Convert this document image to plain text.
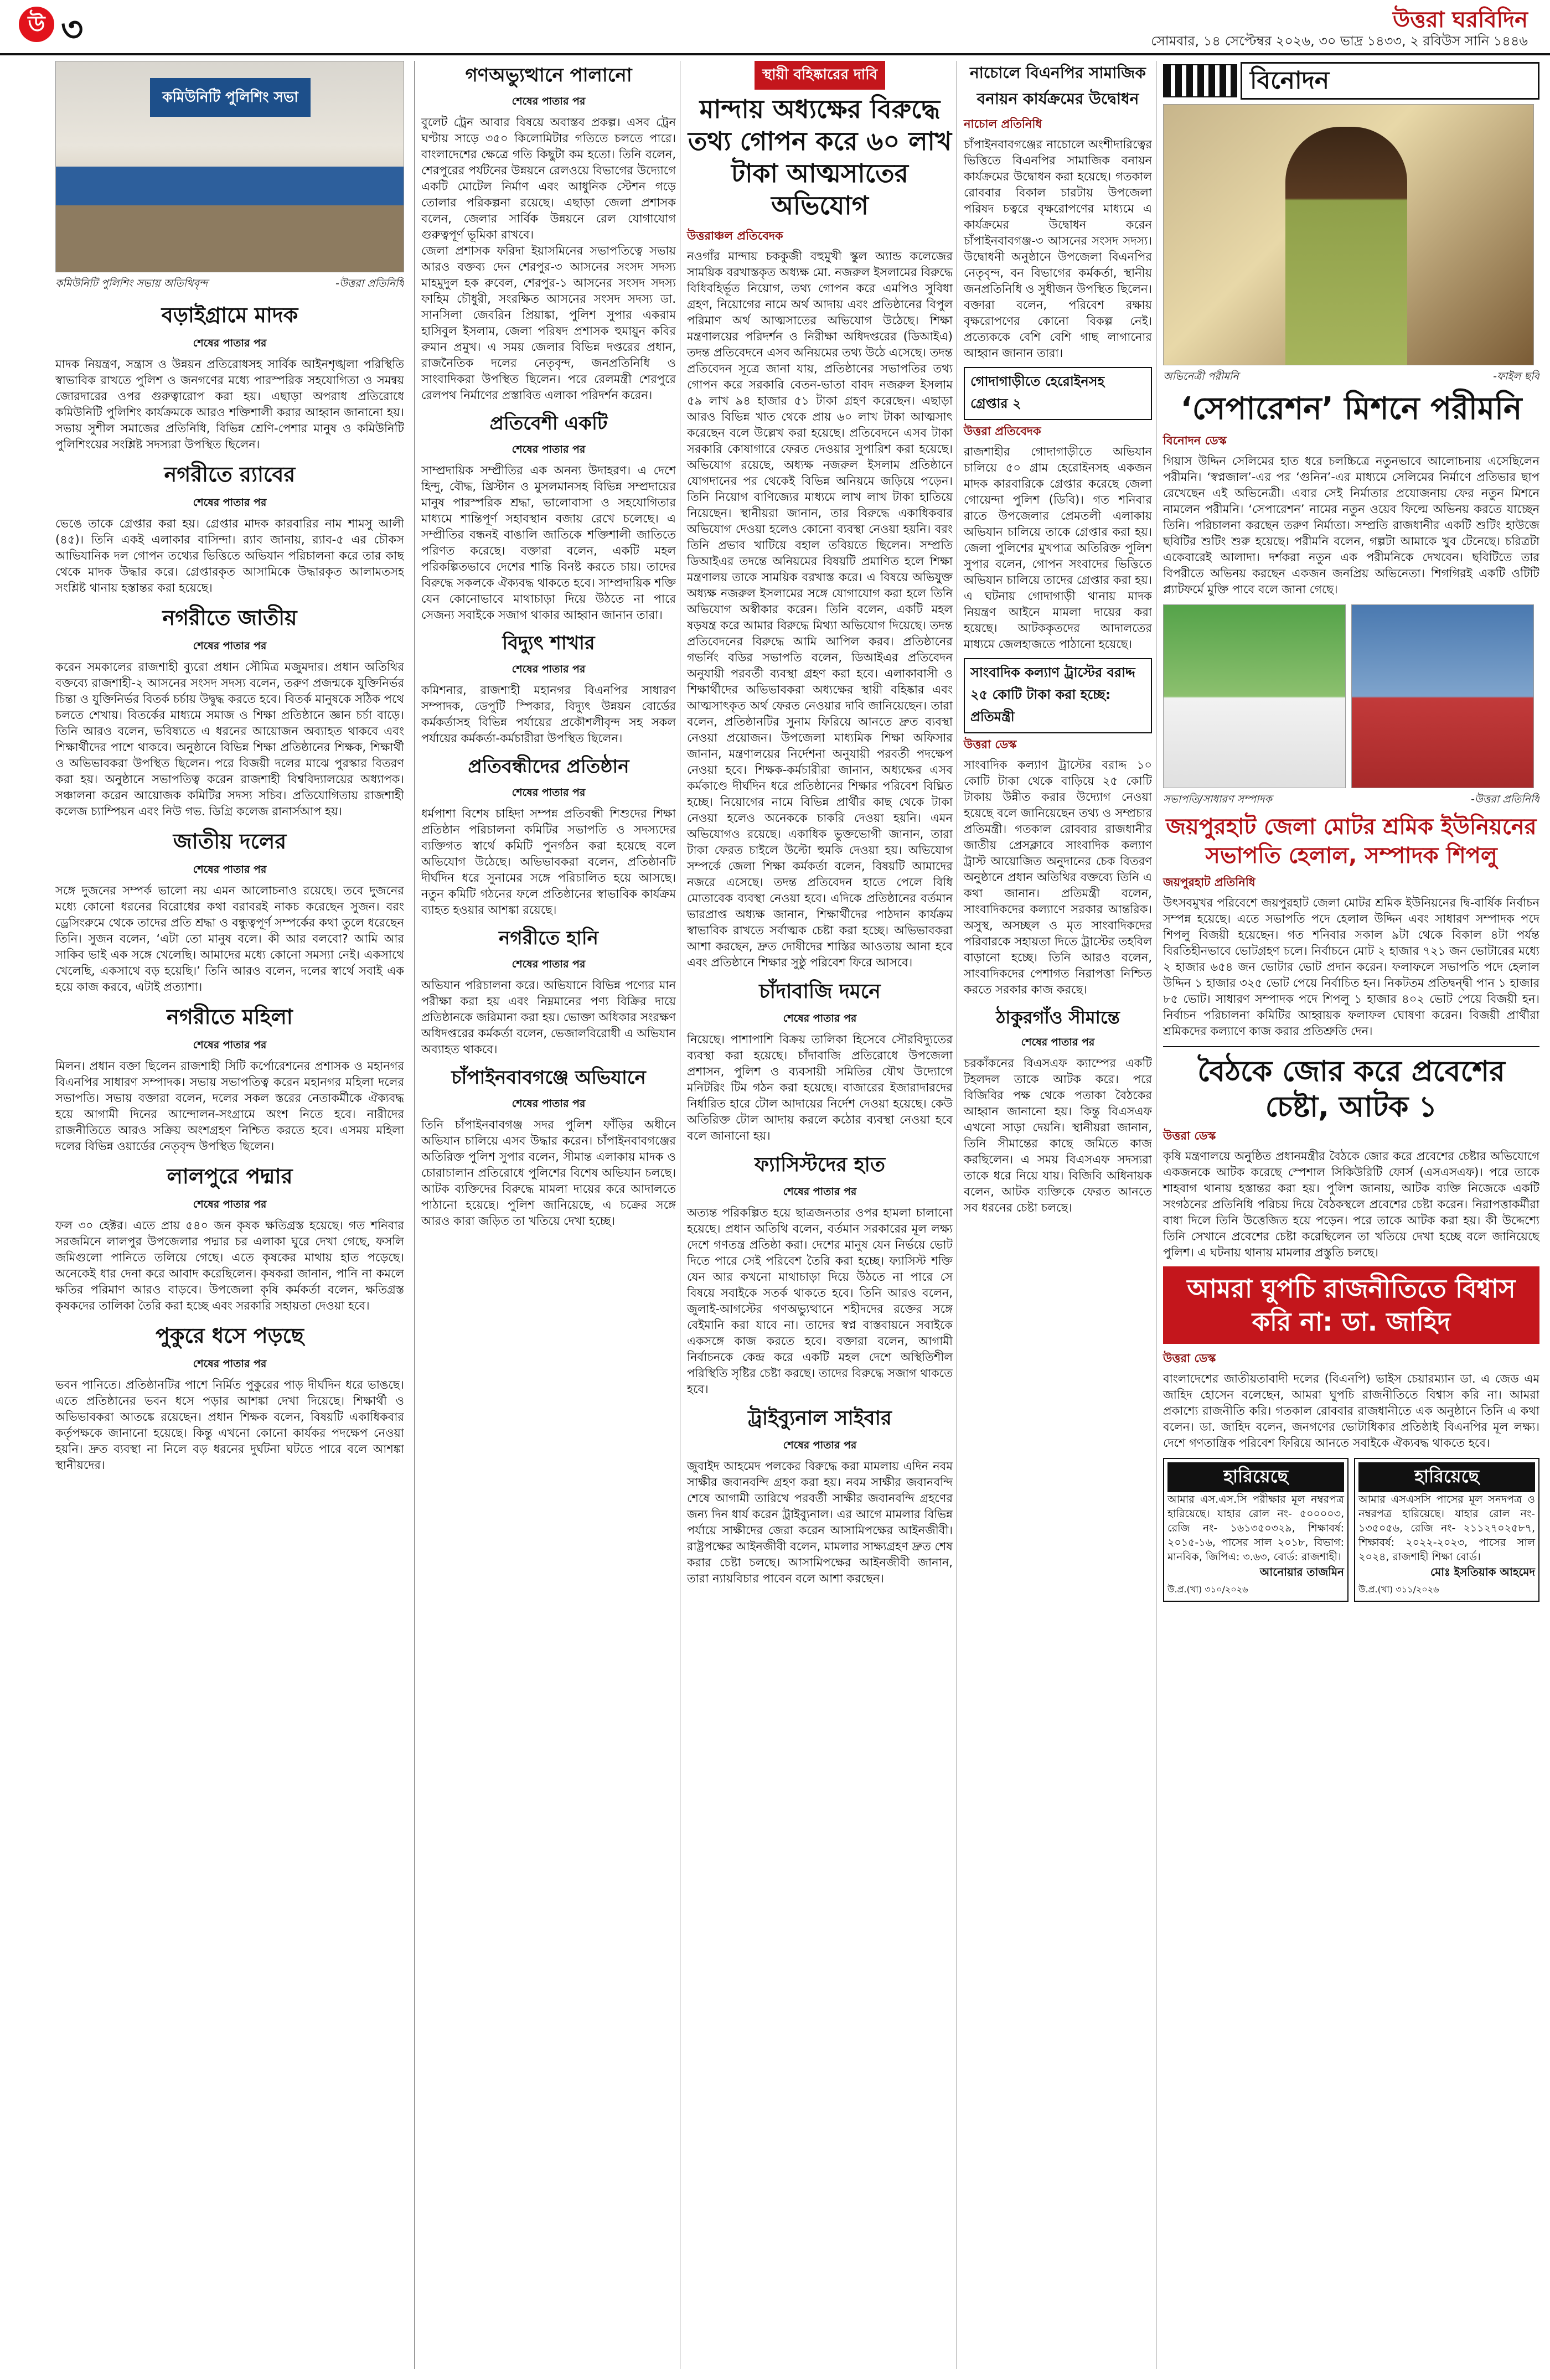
উ ৩	উত্তরা ঘরবিদিন
সোমবার, ১৪ সেপ্টেম্বর ২০২৬, ৩০ ভাদ্র ১৪৩৩, ২ রবিউস সানি ১৪৪৬
কমিউনিটি পুলিশিং সভা
কমিউনিটি পুলিশিং সভায় অতিথিবৃন্দ	-উত্তরা প্রতিনিধি
বড়াইগ্রামে মাদক
শেষের পাতার পর

মাদক নিয়ন্ত্রণ, সন্ত্রাস ও উন্নয়ন প্রতিরোধসহ সার্বিক আইনশৃঙ্খলা পরিস্থিতি স্বাভাবিক রাখতে পুলিশ ও জনগণের মধ্যে পারস্পরিক সহযোগিতা ও সমন্বয় জোরদারের ওপর গুরুত্বারোপ করা হয়। এছাড়া অপরাধ প্রতিরোধে কমিউনিটি পুলিশিং কার্যক্রমকে আরও শক্তিশালী করার আহ্বান জানানো হয়। সভায় সুশীল সমাজের প্রতিনিধি, বিভিন্ন শ্রেণি-পেশার মানুষ ও কমিউনিটি পুলিশিংয়ের সংশ্লিষ্ট সদস্যরা উপস্থিত ছিলেন।

নগরীতে র‍্যাবের
শেষের পাতার পর

ভেঙে তাকে গ্রেপ্তার করা হয়। গ্রেপ্তার মাদক কারবারির নাম শামসু আলী (৪৫)। তিনি একই এলাকার বাসিন্দা। র‍্যাব জানায়, র‍্যাব-৫ এর চৌকস আভিযানিক দল গোপন তথ্যের ভিত্তিতে অভিযান পরিচালনা করে তার কাছ থেকে মাদক উদ্ধার করে। গ্রেপ্তারকৃত আসামিকে উদ্ধারকৃত আলামতসহ সংশ্লিষ্ট থানায় হস্তান্তর করা হয়েছে।

নগরীতে জাতীয়
শেষের পাতার পর

করেন সমকালের রাজশাহী ব্যুরো প্রধান সৌমিত্র মজুমদার। প্রধান অতিথির বক্তব্যে রাজশাহী-২ আসনের সংসদ সদস্য বলেন, তরুণ প্রজন্মকে যুক্তিনির্ভর চিন্তা ও যুক্তিনির্ভর বিতর্ক চর্চায় উদ্বুদ্ধ করতে হবে। বিতর্ক মানুষকে সঠিক পথে চলতে শেখায়। বিতর্কের মাধ্যমে সমাজ ও শিক্ষা প্রতিষ্ঠানে জ্ঞান চর্চা বাড়ে। তিনি আরও বলেন, ভবিষ্যতে এ ধরনের আয়োজন অব্যাহত থাকবে এবং শিক্ষার্থীদের পাশে থাকবে। অনুষ্ঠানে বিভিন্ন শিক্ষা প্রতিষ্ঠানের শিক্ষক, শিক্ষার্থী ও অভিভাবকরা উপস্থিত ছিলেন। পরে বিজয়ী দলের মাঝে পুরস্কার বিতরণ করা হয়। অনুষ্ঠানে সভাপতিত্ব করেন রাজশাহী বিশ্ববিদ্যালয়ের অধ্যাপক। সঞ্চালনা করেন আয়োজক কমিটির সদস্য সচিব। প্রতিযোগিতায় রাজশাহী কলেজ চ্যাম্পিয়ন এবং নিউ গভ. ডিগ্রি কলেজ রানার্সআপ হয়।

জাতীয় দলের
শেষের পাতার পর

সঙ্গে দুজনের সম্পর্ক ভালো নয় এমন আলোচনাও রয়েছে। তবে দুজনের মধ্যে কোনো ধরনের বিরোধের কথা বরাবরই নাকচ করেছেন সুজন। বরং ড্রেসিংরুমে থেকে তাদের প্রতি শ্রদ্ধা ও বন্ধুত্বপূর্ণ সম্পর্কের কথা তুলে ধরেছেন তিনি। সুজন বলেন, ‘এটা তো মানুষ বলে। কী আর বলবো? আমি আর সাকিব ভাই এক সঙ্গে খেলেছি। আমাদের মধ্যে কোনো সমস্যা নেই। একসাথে খেলেছি, একসাথে বড় হয়েছি।’ তিনি আরও বলেন, দলের স্বার্থে সবাই এক হয়ে কাজ করবে, এটাই প্রত্যাশা।

নগরীতে মহিলা
শেষের পাতার পর

মিলন। প্রধান বক্তা ছিলেন রাজশাহী সিটি কর্পোরেশনের প্রশাসক ও মহানগর বিএনপির সাধারণ সম্পাদক। সভায় সভাপতিত্ব করেন মহানগর মহিলা দলের সভাপতি। সভায় বক্তারা বলেন, দলের সকল স্তরের নেতাকর্মীকে ঐক্যবদ্ধ হয়ে আগামী দিনের আন্দোলন-সংগ্রামে অংশ নিতে হবে। নারীদের রাজনীতিতে আরও সক্রিয় অংশগ্রহণ নিশ্চিত করতে হবে। এসময় মহিলা দলের বিভিন্ন ওয়ার্ডের নেতৃবৃন্দ উপস্থিত ছিলেন।

লালপুরে পদ্মার
শেষের পাতার পর

ফল ৩০ হেক্টর। এতে প্রায় ৫৪০ জন কৃষক ক্ষতিগ্রস্ত হয়েছে। গত শনিবার সরজমিনে লালপুর উপজেলার পদ্মার চর এলাকা ঘুরে দেখা গেছে, ফসলি জমিগুলো পানিতে তলিয়ে গেছে। এতে কৃষকের মাথায় হাত পড়েছে। অনেকেই ধার দেনা করে আবাদ করেছিলেন। কৃষকরা জানান, পানি না কমলে ক্ষতির পরিমাণ আরও বাড়বে। উপজেলা কৃষি কর্মকর্তা বলেন, ক্ষতিগ্রস্ত কৃষকদের তালিকা তৈরি করা হচ্ছে এবং সরকারি সহায়তা দেওয়া হবে।

পুকুরে ধসে পড়ছে
শেষের পাতার পর

ভবন পানিতে। প্রতিষ্ঠানটির পাশে নির্মিত পুকুরের পাড় দীর্ঘদিন ধরে ভাঙছে। এতে প্রতিষ্ঠানের ভবন ধসে পড়ার আশঙ্কা দেখা দিয়েছে। শিক্ষার্থী ও অভিভাবকরা আতঙ্কে রয়েছেন। প্রধান শিক্ষক বলেন, বিষয়টি একাধিকবার কর্তৃপক্ষকে জানানো হয়েছে। কিন্তু এখনো কোনো কার্যকর পদক্ষেপ নেওয়া হয়নি। দ্রুত ব্যবস্থা না নিলে বড় ধরনের দুর্ঘটনা ঘটতে পারে বলে আশঙ্কা স্থানীয়দের।

গণঅভ্যুত্থানে পালানো
শেষের পাতার পর

বুলেট ট্রেন আবার বিষয়ে অবাস্তব প্রকল্প। এসব ট্রেন ঘণ্টায় সাড়ে ৩৫০ কিলোমিটার গতিতে চলতে পারে। বাংলাদেশের ক্ষেত্রে গতি কিছুটা কম হতো। তিনি বলেন, শেরপুরের পর্যটনের উন্নয়নে রেলওয়ে বিভাগের উদ্যোগে একটি মোটেল নির্মাণ এবং আধুনিক স্টেশন গড়ে তোলার পরিকল্পনা রয়েছে। এছাড়া জেলা প্রশাসক বলেন, জেলার সার্বিক উন্নয়নে রেল যোগাযোগ গুরুত্বপূর্ণ ভূমিকা রাখবে।

জেলা প্রশাসক ফরিদা ইয়াসমিনের সভাপতিত্বে সভায় আরও বক্তব্য দেন শেরপুর-৩ আসনের সংসদ সদস্য মাহমুদুল হক রুবেল, শেরপুর-১ আসনের সংসদ সদস্য ফাহিম চৌধুরী, সংরক্ষিত আসনের সংসদ সদস্য ডা. সানসিলা জেবরিন প্রিয়াঙ্কা, পুলিশ সুপার একরাম হাসিবুল ইসলাম, জেলা পরিষদ প্রশাসক হুমায়ুন কবির রুমান প্রমুখ। এ সময় জেলার বিভিন্ন দপ্তরের প্রধান, রাজনৈতিক দলের নেতৃবৃন্দ, জনপ্রতিনিধি ও সাংবাদিকরা উপস্থিত ছিলেন। পরে রেলমন্ত্রী শেরপুরে রেলপথ নির্মাণের প্রস্তাবিত এলাকা পরিদর্শন করেন।

প্রতিবেশী একটি
শেষের পাতার পর

সাম্প্রদায়িক সম্প্রীতির এক অনন্য উদাহরণ। এ দেশে হিন্দু, বৌদ্ধ, খ্রিস্টান ও মুসলমানসহ বিভিন্ন সম্প্রদায়ের মানুষ পারস্পরিক শ্রদ্ধা, ভালোবাসা ও সহযোগিতার মাধ্যমে শান্তিপূর্ণ সহাবস্থান বজায় রেখে চলেছে। এ সম্প্রীতির বন্ধনই বাঙালি জাতিকে শক্তিশালী জাতিতে পরিণত করেছে। বক্তারা বলেন, একটি মহল পরিকল্পিতভাবে দেশের শান্তি বিনষ্ট করতে চায়। তাদের বিরুদ্ধে সকলকে ঐক্যবদ্ধ থাকতে হবে। সাম্প্রদায়িক শক্তি যেন কোনোভাবে মাথাচাড়া দিয়ে উঠতে না পারে সেজন্য সবাইকে সজাগ থাকার আহ্বান জানান তারা।

বিদ্যুৎ শাখার
শেষের পাতার পর

কমিশনার, রাজশাহী মহানগর বিএনপির সাধারণ সম্পাদক, ডেপুটি স্পিকার, বিদ্যুৎ উন্নয়ন বোর্ডের কর্মকর্তাসহ বিভিন্ন পর্যায়ের প্রকৌশলীবৃন্দ সহ সকল পর্যায়ের কর্মকর্তা-কর্মচারীরা উপস্থিত ছিলেন।

প্রতিবন্ধীদের প্রতিষ্ঠান
শেষের পাতার পর

ধর্মপাশা বিশেষ চাহিদা সম্পন্ন প্রতিবন্ধী শিশুদের শিক্ষা প্রতিষ্ঠান পরিচালনা কমিটির সভাপতি ও সদস্যদের ব্যক্তিগত স্বার্থে কমিটি পুনর্গঠন করা হয়েছে বলে অভিযোগ উঠেছে। অভিভাবকরা বলেন, প্রতিষ্ঠানটি দীর্ঘদিন ধরে সুনামের সঙ্গে পরিচালিত হয়ে আসছে। নতুন কমিটি গঠনের ফলে প্রতিষ্ঠানের স্বাভাবিক কার্যক্রম ব্যাহত হওয়ার আশঙ্কা রয়েছে।

নগরীতে হানি
শেষের পাতার পর

অভিযান পরিচালনা করে। অভিযানে বিভিন্ন পণ্যের মান পরীক্ষা করা হয় এবং নিম্নমানের পণ্য বিক্রির দায়ে প্রতিষ্ঠানকে জরিমানা করা হয়। ভোক্তা অধিকার সংরক্ষণ অধিদপ্তরের কর্মকর্তা বলেন, ভেজালবিরোধী এ অভিযান অব্যাহত থাকবে।

চাঁপাইনবাবগঞ্জে অভিযানে
শেষের পাতার পর

তিনি চাঁপাইনবাবগঞ্জ সদর পুলিশ ফাঁড়ির অধীনে অভিযান চালিয়ে এসব উদ্ধার করেন। চাঁপাইনবাবগঞ্জের অতিরিক্ত পুলিশ সুপার বলেন, সীমান্ত এলাকায় মাদক ও চোরাচালান প্রতিরোধে পুলিশের বিশেষ অভিযান চলছে। আটক ব্যক্তিদের বিরুদ্ধে মামলা দায়ের করে আদালতে পাঠানো হয়েছে। পুলিশ জানিয়েছে, এ চক্রের সঙ্গে আরও কারা জড়িত তা খতিয়ে দেখা হচ্ছে।

স্থায়ী বহিষ্কারের দাবি
মান্দায় অধ্যক্ষের বিরুদ্ধে তথ্য গোপন করে ৬০ লাখ টাকা আত্মসাতের অভিযোগ
উত্তরাঞ্চল প্রতিবেদক

নওগাঁর মান্দায় চককুজী বহুমুখী স্কুল অ্যান্ড কলেজের সাময়িক বরখাস্তকৃত অধ্যক্ষ মো. নজরুল ইসলামের বিরুদ্ধে বিধিবহির্ভূত নিয়োগ, তথ্য গোপন করে এমপিও সুবিধা গ্রহণ, নিয়োগের নামে অর্থ আদায় এবং প্রতিষ্ঠানের বিপুল পরিমাণ অর্থ আত্মসাতের অভিযোগ উঠেছে। শিক্ষা মন্ত্রণালয়ের পরিদর্শন ও নিরীক্ষা অধিদপ্তরের (ডিআইএ) তদন্ত প্রতিবেদনে এসব অনিয়মের তথ্য উঠে এসেছে। তদন্ত প্রতিবেদন সূত্রে জানা যায়, প্রতিষ্ঠানের সভাপতির তথ্য গোপন করে সরকারি বেতন-ভাতা বাবদ নজরুল ইসলাম ৫৯ লাখ ৯৪ হাজার ৫১ টাকা গ্রহণ করেছেন। এছাড়া আরও বিভিন্ন খাত থেকে প্রায় ৬০ লাখ টাকা আত্মসাৎ করেছেন বলে উল্লেখ করা হয়েছে। প্রতিবেদনে এসব টাকা সরকারি কোষাগারে ফেরত দেওয়ার সুপারিশ করা হয়েছে। অভিযোগ রয়েছে, অধ্যক্ষ নজরুল ইসলাম প্রতিষ্ঠানে যোগদানের পর থেকেই বিভিন্ন অনিয়মে জড়িয়ে পড়েন। তিনি নিয়োগ বাণিজ্যের মাধ্যমে লাখ লাখ টাকা হাতিয়ে নিয়েছেন। স্থানীয়রা জানান, তার বিরুদ্ধে একাধিকবার অভিযোগ দেওয়া হলেও কোনো ব্যবস্থা নেওয়া হয়নি। বরং তিনি প্রভাব খাটিয়ে বহাল তবিয়তে ছিলেন। সম্প্রতি ডিআইএর তদন্তে অনিয়মের বিষয়টি প্রমাণিত হলে শিক্ষা মন্ত্রণালয় তাকে সাময়িক বরখাস্ত করে। এ বিষয়ে অভিযুক্ত অধ্যক্ষ নজরুল ইসলামের সঙ্গে যোগাযোগ করা হলে তিনি অভিযোগ অস্বীকার করেন। তিনি বলেন, একটি মহল ষড়যন্ত্র করে আমার বিরুদ্ধে মিথ্যা অভিযোগ দিয়েছে। তদন্ত প্রতিবেদনের বিরুদ্ধে আমি আপিল করব। প্রতিষ্ঠানের গভর্নিং বডির সভাপতি বলেন, ডিআইএর প্রতিবেদন অনুযায়ী পরবর্তী ব্যবস্থা গ্রহণ করা হবে। এলাকাবাসী ও শিক্ষার্থীদের অভিভাবকরা অধ্যক্ষের স্থায়ী বহিষ্কার এবং আত্মসাৎকৃত অর্থ ফেরত নেওয়ার দাবি জানিয়েছেন। তারা বলেন, প্রতিষ্ঠানটির সুনাম ফিরিয়ে আনতে দ্রুত ব্যবস্থা নেওয়া প্রয়োজন। উপজেলা মাধ্যমিক শিক্ষা অফিসার জানান, মন্ত্রণালয়ের নির্দেশনা অনুযায়ী পরবর্তী পদক্ষেপ নেওয়া হবে। শিক্ষক-কর্মচারীরা জানান, অধ্যক্ষের এসব কর্মকাণ্ডে দীর্ঘদিন ধরে প্রতিষ্ঠানের শিক্ষার পরিবেশ বিঘ্নিত হচ্ছে। নিয়োগের নামে বিভিন্ন প্রার্থীর কাছ থেকে টাকা নেওয়া হলেও অনেককে চাকরি দেওয়া হয়নি। এমন অভিযোগও রয়েছে। একাধিক ভুক্তভোগী জানান, তারা টাকা ফেরত চাইলে উল্টো হুমকি দেওয়া হয়। অভিযোগ সম্পর্কে জেলা শিক্ষা কর্মকর্তা বলেন, বিষয়টি আমাদের নজরে এসেছে। তদন্ত প্রতিবেদন হাতে পেলে বিধি মোতাবেক ব্যবস্থা নেওয়া হবে। এদিকে প্রতিষ্ঠানের বর্তমান ভারপ্রাপ্ত অধ্যক্ষ জানান, শিক্ষার্থীদের পাঠদান কার্যক্রম স্বাভাবিক রাখতে সর্বাত্মক চেষ্টা করা হচ্ছে। অভিভাবকরা আশা করছেন, দ্রুত দোষীদের শাস্তির আওতায় আনা হবে এবং প্রতিষ্ঠানে শিক্ষার সুষ্ঠু পরিবেশ ফিরে আসবে।

চাঁদাবাজি দমনে
শেষের পাতার পর

নিয়েছে। পাশাপাশি বিক্রয় তালিকা হিসেবে সৌরবিদ্যুতের ব্যবস্থা করা হয়েছে। চাঁদাবাজি প্রতিরোধে উপজেলা প্রশাসন, পুলিশ ও ব্যবসায়ী সমিতির যৌথ উদ্যোগে মনিটরিং টিম গঠন করা হয়েছে। বাজারের ইজারাদারদের নির্ধারিত হারে টোল আদায়ের নির্দেশ দেওয়া হয়েছে। কেউ অতিরিক্ত টোল আদায় করলে কঠোর ব্যবস্থা নেওয়া হবে বলে জানানো হয়।

ফ্যাসিস্টদের হাত
শেষের পাতার পর

অত্যন্ত পরিকল্পিত হয়ে ছাত্রজনতার ওপর হামলা চালানো হয়েছে। প্রধান অতিথি বলেন, বর্তমান সরকারের মূল লক্ষ্য দেশে গণতন্ত্র প্রতিষ্ঠা করা। দেশের মানুষ যেন নির্ভয়ে ভোট দিতে পারে সেই পরিবেশ তৈরি করা হচ্ছে। ফ্যাসিস্ট শক্তি যেন আর কখনো মাথাচাড়া দিয়ে উঠতে না পারে সে বিষয়ে সবাইকে সতর্ক থাকতে হবে। তিনি আরও বলেন, জুলাই-আগস্টের গণঅভ্যুত্থানে শহীদদের রক্তের সঙ্গে বেইমানি করা যাবে না। তাদের স্বপ্ন বাস্তবায়নে সবাইকে একসঙ্গে কাজ করতে হবে। বক্তারা বলেন, আগামী নির্বাচনকে কেন্দ্র করে একটি মহল দেশে অস্থিতিশীল পরিস্থিতি সৃষ্টির চেষ্টা করছে। তাদের বিরুদ্ধে সজাগ থাকতে হবে।

ট্রাইব্যুনাল সাইবার
শেষের পাতার পর

জুবাইদ আহমেদ পলকের বিরুদ্ধে করা মামলায় এদিন নবম সাক্ষীর জবানবন্দি গ্রহণ করা হয়। নবম সাক্ষীর জবানবন্দি শেষে আগামী তারিখে পরবর্তী সাক্ষীর জবানবন্দি গ্রহণের জন্য দিন ধার্য করেন ট্রাইব্যুনাল। এর আগে মামলার বিভিন্ন পর্যায়ে সাক্ষীদের জেরা করেন আসামিপক্ষের আইনজীবী। রাষ্ট্রপক্ষের আইনজীবী বলেন, মামলার সাক্ষ্যগ্রহণ দ্রুত শেষ করার চেষ্টা চলছে। আসামিপক্ষের আইনজীবী জানান, তারা ন্যায়বিচার পাবেন বলে আশা করছেন।

নাচোলে বিএনপির সামাজিক বনায়ন কার্যক্রমের উদ্বোধন
নাচোল প্রতিনিধি

চাঁপাইনবাবগঞ্জের নাচোলে অংশীদারিত্বের ভিত্তিতে বিএনপির সামাজিক বনায়ন কার্যক্রমের উদ্বোধন করা হয়েছে। গতকাল রোববার বিকাল চারটায় উপজেলা পরিষদ চত্বরে বৃক্ষরোপণের মাধ্যমে এ কার্যক্রমের উদ্বোধন করেন চাঁপাইনবাবগঞ্জ-৩ আসনের সংসদ সদস্য। উদ্বোধনী অনুষ্ঠানে উপজেলা বিএনপির নেতৃবৃন্দ, বন বিভাগের কর্মকর্তা, স্থানীয় জনপ্রতিনিধি ও সুধীজন উপস্থিত ছিলেন। বক্তারা বলেন, পরিবেশ রক্ষায় বৃক্ষরোপণের কোনো বিকল্প নেই। প্রত্যেককে বেশি বেশি গাছ লাগানোর আহ্বান জানান তারা।

গোদাগাড়ীতে হেরোইনসহ গ্রেপ্তার ২
উত্তরা প্রতিবেদক

রাজশাহীর গোদাগাড়ীতে অভিযান চালিয়ে ৫০ গ্রাম হেরোইনসহ একজন মাদক কারবারিকে গ্রেপ্তার করেছে জেলা গোয়েন্দা পুলিশ (ডিবি)। গত শনিবার রাতে উপজেলার প্রেমতলী এলাকায় অভিযান চালিয়ে তাকে গ্রেপ্তার করা হয়। জেলা পুলিশের মুখপাত্র অতিরিক্ত পুলিশ সুপার বলেন, গোপন সংবাদের ভিত্তিতে অভিযান চালিয়ে তাদের গ্রেপ্তার করা হয়। এ ঘটনায় গোদাগাড়ী থানায় মাদক নিয়ন্ত্রণ আইনে মামলা দায়ের করা হয়েছে। আটককৃতদের আদালতের মাধ্যমে জেলহাজতে পাঠানো হয়েছে।

সাংবাদিক কল্যাণ ট্রাস্টের বরাদ্দ ২৫ কোটি টাকা করা হচ্ছে: প্রতিমন্ত্রী
উত্তরা ডেস্ক

সাংবাদিক কল্যাণ ট্রাস্টের বরাদ্দ ১০ কোটি টাকা থেকে বাড়িয়ে ২৫ কোটি টাকায় উন্নীত করার উদ্যোগ নেওয়া হয়েছে বলে জানিয়েছেন তথ্য ও সম্প্রচার প্রতিমন্ত্রী। গতকাল রোববার রাজধানীর জাতীয় প্রেসক্লাবে সাংবাদিক কল্যাণ ট্রাস্ট আয়োজিত অনুদানের চেক বিতরণ অনুষ্ঠানে প্রধান অতিথির বক্তব্যে তিনি এ কথা জানান। প্রতিমন্ত্রী বলেন, সাংবাদিকদের কল্যাণে সরকার আন্তরিক। অসুস্থ, অসচ্ছল ও মৃত সাংবাদিকদের পরিবারকে সহায়তা দিতে ট্রাস্টের তহবিল বাড়ানো হচ্ছে। তিনি আরও বলেন, সাংবাদিকদের পেশাগত নিরাপত্তা নিশ্চিত করতে সরকার কাজ করছে।

ঠাকুরগাঁও সীমান্তে
শেষের পাতার পর

চরকাঁকনের বিএসএফ ক্যাম্পের একটি টহলদল তাকে আটক করে। পরে বিজিবির পক্ষ থেকে পতাকা বৈঠকের আহ্বান জানানো হয়। কিন্তু বিএসএফ এখনো সাড়া দেয়নি। স্থানীয়রা জানান, তিনি সীমান্তের কাছে জমিতে কাজ করছিলেন। এ সময় বিএসএফ সদস্যরা তাকে ধরে নিয়ে যায়। বিজিবি অধিনায়ক বলেন, আটক ব্যক্তিকে ফেরত আনতে সব ধরনের চেষ্টা চলছে।

বিনোদন
অভিনেত্রী পরীমনি	-ফাইল ছবি
‘সেপারেশন’ মিশনে পরীমনি
বিনোদন ডেস্ক

গিয়াস উদ্দিন সেলিমের হাত ধরে চলচ্চিত্রে নতুনভাবে আলোচনায় এসেছিলেন পরীমনি। ‘স্বপ্নজাল’-এর পর ‘গুনিন’-এর মাধ্যমে সেলিমের নির্মাণে প্রতিভার ছাপ রেখেছেন এই অভিনেত্রী। এবার সেই নির্মাতার প্রযোজনায় ফের নতুন মিশনে নামলেন পরীমনি। ‘সেপারেশন’ নামের নতুন ওয়েব ফিল্মে অভিনয় করতে যাচ্ছেন তিনি। পরিচালনা করছেন তরুণ নির্মাতা। সম্প্রতি রাজধানীর একটি শুটিং হাউজে ছবিটির শুটিং শুরু হয়েছে। পরীমনি বলেন, গল্পটা আমাকে খুব টেনেছে। চরিত্রটা একেবারেই আলাদা। দর্শকরা নতুন এক পরীমনিকে দেখবেন। ছবিটিতে তার বিপরীতে অভিনয় করছেন একজন জনপ্রিয় অভিনেতা। শিগগিরই একটি ওটিটি প্ল্যাটফর্মে মুক্তি পাবে বলে জানা গেছে।

সভাপতি/সাধারণ সম্পাদক	-উত্তরা প্রতিনিধি
জয়পুরহাট জেলা মোটর শ্রমিক ইউনিয়নের সভাপতি হেলাল, সম্পাদক শিপলু
জয়পুরহাট প্রতিনিধি

উৎসবমুখর পরিবেশে জয়পুরহাট জেলা মোটর শ্রমিক ইউনিয়নের দ্বি-বার্ষিক নির্বাচন সম্পন্ন হয়েছে। এতে সভাপতি পদে হেলাল উদ্দিন এবং সাধারণ সম্পাদক পদে শিপলু বিজয়ী হয়েছেন। গত শনিবার সকাল ৯টা থেকে বিকাল ৪টা পর্যন্ত বিরতিহীনভাবে ভোটগ্রহণ চলে। নির্বাচনে মোট ২ হাজার ৭২১ জন ভোটারের মধ্যে ২ হাজার ৬৫৪ জন ভোটার ভোট প্রদান করেন। ফলাফলে সভাপতি পদে হেলাল উদ্দিন ১ হাজার ৩২৫ ভোট পেয়ে নির্বাচিত হন। নিকটতম প্রতিদ্বন্দ্বী পান ১ হাজার ৮৫ ভোট। সাধারণ সম্পাদক পদে শিপলু ১ হাজার ৪০২ ভোট পেয়ে বিজয়ী হন। নির্বাচন পরিচালনা কমিটির আহ্বায়ক ফলাফল ঘোষণা করেন। বিজয়ী প্রার্থীরা শ্রমিকদের কল্যাণে কাজ করার প্রতিশ্রুতি দেন।

বৈঠকে জোর করে প্রবেশের চেষ্টা, আটক ১
উত্তরা ডেস্ক

কৃষি মন্ত্রণালয়ে অনুষ্ঠিত প্রধানমন্ত্রীর বৈঠকে জোর করে প্রবেশের চেষ্টার অভিযোগে একজনকে আটক করেছে স্পেশাল সিকিউরিটি ফোর্স (এসএসএফ)। পরে তাকে শাহবাগ থানায় হস্তান্তর করা হয়। পুলিশ জানায়, আটক ব্যক্তি নিজেকে একটি সংগঠনের প্রতিনিধি পরিচয় দিয়ে বৈঠকস্থলে প্রবেশের চেষ্টা করেন। নিরাপত্তাকর্মীরা বাধা দিলে তিনি উত্তেজিত হয়ে পড়েন। পরে তাকে আটক করা হয়। কী উদ্দেশ্যে তিনি সেখানে প্রবেশের চেষ্টা করেছিলেন তা খতিয়ে দেখা হচ্ছে বলে জানিয়েছে পুলিশ। এ ঘটনায় থানায় মামলার প্রস্তুতি চলছে।

আমরা ঘুপচি রাজনীতিতে বিশ্বাস করি না: ডা. জাহিদ
উত্তরা ডেস্ক

বাংলাদেশের জাতীয়তাবাদী দলের (বিএনপি) ভাইস চেয়ারম্যান ডা. এ জেড এম জাহিদ হোসেন বলেছেন, আমরা ঘুপচি রাজনীতিতে বিশ্বাস করি না। আমরা প্রকাশ্যে রাজনীতি করি। গতকাল রোববার রাজধানীতে এক অনুষ্ঠানে তিনি এ কথা বলেন। ডা. জাহিদ বলেন, জনগণের ভোটাধিকার প্রতিষ্ঠাই বিএনপির মূল লক্ষ্য। দেশে গণতান্ত্রিক পরিবেশ ফিরিয়ে আনতে সবাইকে ঐক্যবদ্ধ থাকতে হবে।

হারিয়েছে

আমার এস.এস.সি পরীক্ষার মূল নম্বরপত্র হারিয়েছে। যাহার রোল নং- ৫০০০০৩, রেজি নং- ১৬১৩৫০৩২৯, শিক্ষাবর্ষ: ২০১৫-১৬, পাসের সাল ২০১৮, বিভাগ: মানবিক, জিপিএ: ৩.৬৩, বোর্ড: রাজশাহী।

আনোয়ার তাজমিন
উ.প্র.(খা) ৩১০/২০২৬
হারিয়েছে

আমার এসএসসি পাসের মূল সনদপত্র ও নম্বরপত্র হারিয়েছে। যাহার রোল নং- ১৩৫০৫৬, রেজি নং- ২১১২৭০২৫৮৭, শিক্ষাবর্ষ: ২০২২-২০২৩, পাসের সাল ২০২৪, রাজশাহী শিক্ষা বোর্ড।

মোঃ ইসতিয়াক আহমেদ
উ.প্র.(খা) ৩১১/২০২৬
